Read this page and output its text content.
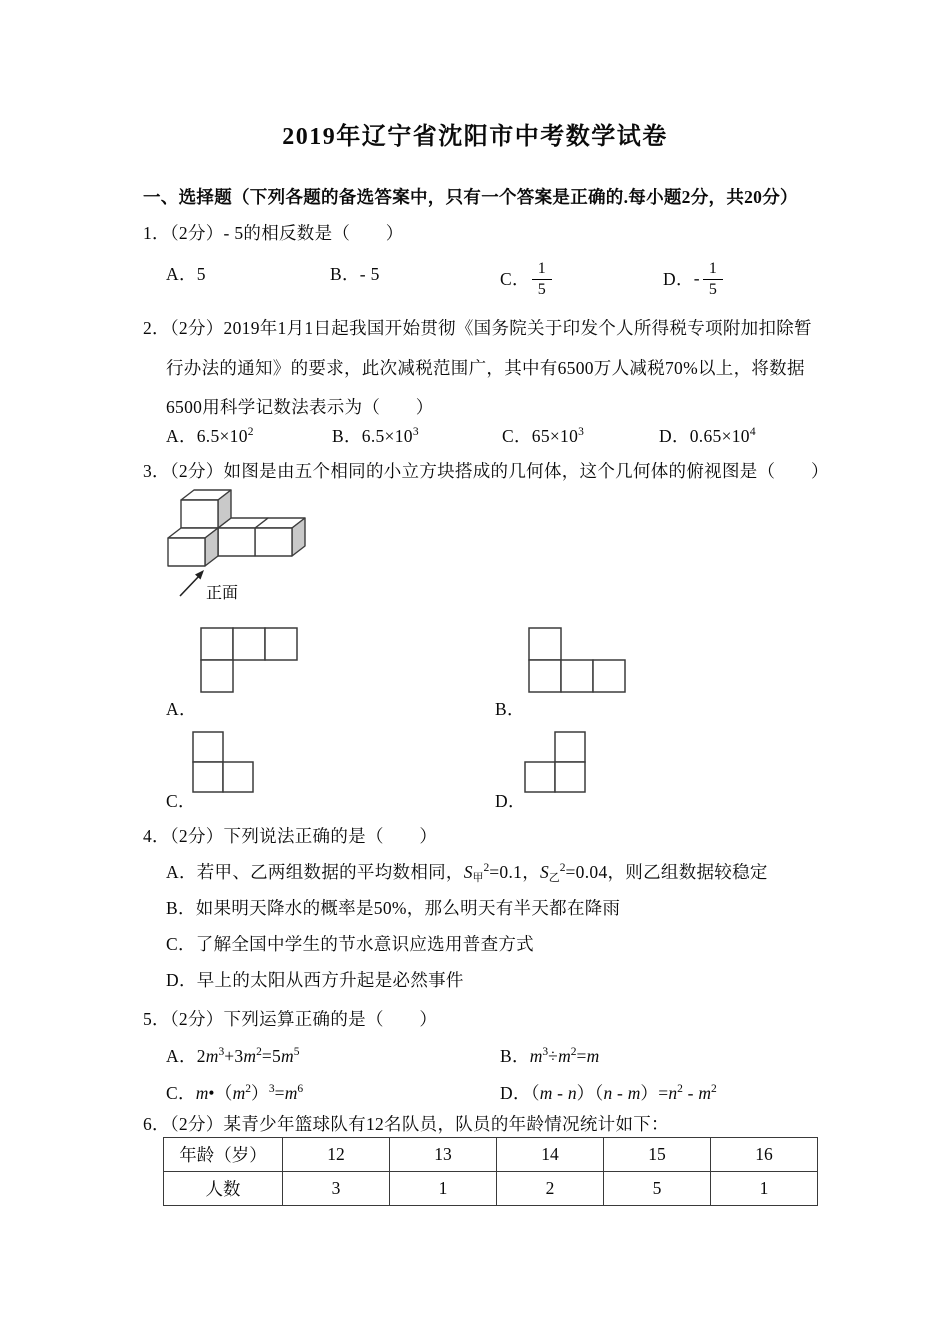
2019年辽宁省沈阳市中考数学试卷
一、选择题（下列各题的备选答案中，只有一个答案是正确的.每小题2分，共20分）
1．（2分）- 5的相反数是（　　）
A．5	B．- 5	C． $\frac{1}{5}$	D．- $\frac{1}{5}$
2．（2分）2019年1月1日起我国开始贯彻《国务院关于印发个人所得税专项附加扣除暂
行办法的通知》的要求，此次减税范围广，其中有6500万人减税70%以上，将数据
6500用科学记数法表示为（　　）
A．$6.5\times 10^2$	B．$6.5\times 10^3$	C．$65\times 10^3$	D．$0.65\times 10^4$
3．（2分）如图是由五个相同的小立方块搭成的几何体，这个几何体的俯视图是（　　）
正面
A．	B．
C．	D．
4．（2分）下列说法正确的是（　　）
A．若甲、乙两组数据的平均数相同，$S_甲^2=0.1$，$S_乙^2=0.04$，则乙组数据较稳定
B．如果明天降水的概率是50%，那么明天有半天都在降雨
C．了解全国中学生的节水意识应选用普查方式
D．早上的太阳从西方升起是必然事件
5．（2分）下列运算正确的是（　　）
A．$2m^3+3m^2=5m^5$	B．$m^3\div m^2=m$
C．$m•(m^2)^3=m^6$	D．$(m - n)(n - m)=n^2 - m^2$
6．（2分）某青少年篮球队有12名队员，队员的年龄情况统计如下：
年龄（岁）	12	13	14	15	16
人数	3	1	2	5	1
